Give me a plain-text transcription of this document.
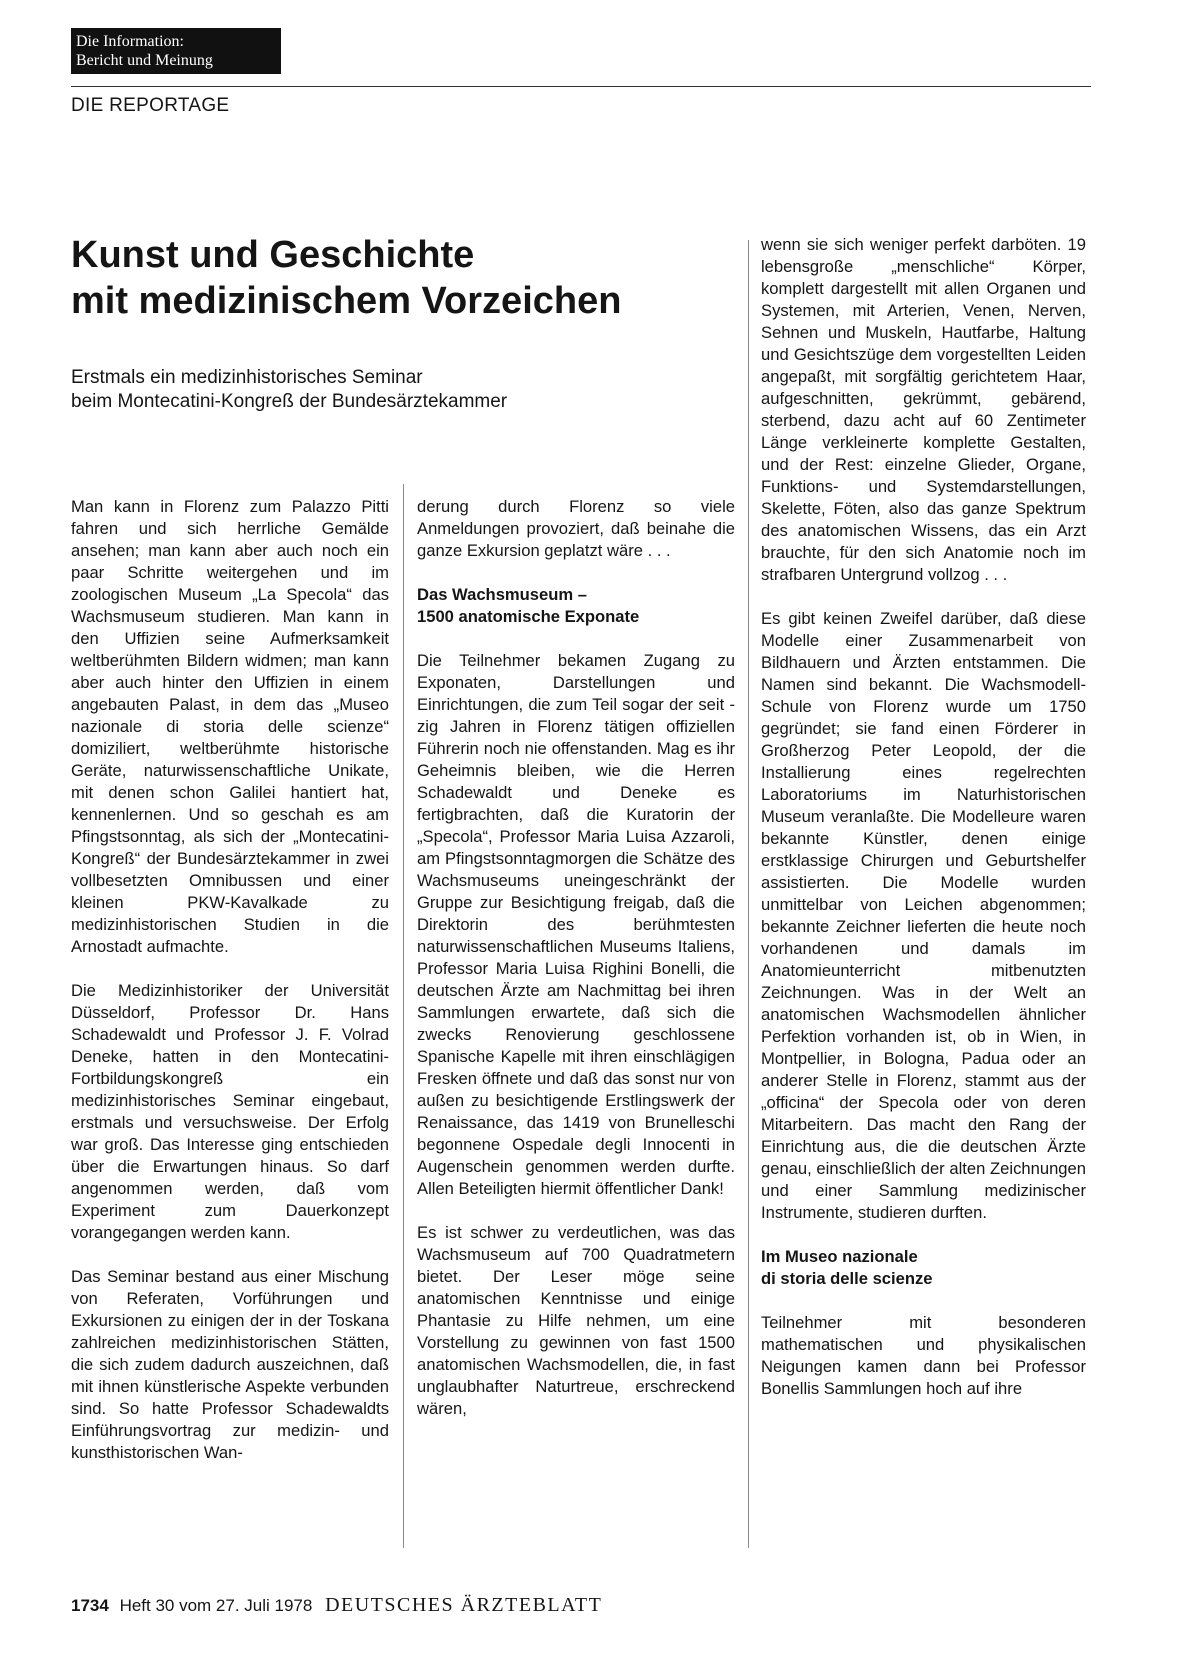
Die Information:
Bericht und Meinung
DIE REPORTAGE
Kunst und Geschichte
mit medizinischem Vorzeichen
Erstmals ein medizinhistorisches Seminar
beim Montecatini-Kongreß der Bundesärztekammer

Man kann in Florenz zum Palazzo Pitti fahren und sich herrliche Gemälde ansehen; man kann aber auch noch ein paar Schritte weitergehen und im zoologischen Museum „La Specola“ das Wachsmuseum studieren. Man kann in den Uffizien seine Aufmerksamkeit weltberühmten Bildern widmen; man kann aber auch hinter den Uffizien in einem angebauten Palast, in dem das „Museo nazionale di storia delle scienze“ domiziliert, weltberühmte historische Geräte, naturwissenschaftliche Unikate, mit denen schon Galilei hantiert hat, kennenlernen. Und so geschah es am Pfingstsonntag, als sich der „Montecatini-Kongreß“ der Bundesärztekammer in zwei vollbesetzten Omnibussen und einer kleinen PKW-Kavalkade zu medizinhistorischen Studien in die Arnostadt aufmachte.

Die Medizinhistoriker der Universität Düsseldorf, Professor Dr. Hans Schadewaldt und Professor J. F. Volrad Deneke, hatten in den Montecatini-Fortbildungskongreß ein medizinhistorisches Seminar eingebaut, erstmals und versuchsweise. Der Erfolg war groß. Das Interesse ging entschieden über die Erwartungen hinaus. So darf angenommen werden, daß vom Experiment zum Dauerkonzept vorangegangen werden kann.

Das Seminar bestand aus einer Mischung von Referaten, Vorführungen und Exkursionen zu einigen der in der Toskana zahlreichen medizinhistorischen Stätten, die sich zudem dadurch auszeichnen, daß mit ihnen künstlerische Aspekte verbunden sind. So hatte Professor Schadewaldts Einführungsvortrag zur medizin- und kunsthistorischen Wan-

derung durch Florenz so viele Anmeldungen provoziert, daß beinahe die ganze Exkursion geplatzt wäre . . .

Das Wachsmuseum –
1500 anatomische Exponate

Die Teilnehmer bekamen Zugang zu Exponaten, Darstellungen und Einrichtungen, die zum Teil sogar der seit -zig Jahren in Florenz tätigen offiziellen Führerin noch nie offenstanden. Mag es ihr Geheimnis bleiben, wie die Herren Schadewaldt und Deneke es fertigbrachten, daß die Kuratorin der „Specola“, Professor Maria Luisa Azzaroli, am Pfingstsonntagmorgen die Schätze des Wachsmuseums uneingeschränkt der Gruppe zur Besichtigung freigab, daß die Direktorin des berühmtesten naturwissenschaftlichen Museums Italiens, Professor Maria Luisa Righini Bonelli, die deutschen Ärzte am Nachmittag bei ihren Sammlungen erwartete, daß sich die zwecks Renovierung geschlossene Spanische Kapelle mit ihren einschlägigen Fresken öffnete und daß das sonst nur von außen zu besichtigende Erstlingswerk der Renaissance, das 1419 von Brunelleschi begonnene Ospedale degli Innocenti in Augenschein genommen werden durfte. Allen Beteiligten hiermit öffentlicher Dank!

Es ist schwer zu verdeutlichen, was das Wachsmuseum auf 700 Quadratmetern bietet. Der Leser möge seine anatomischen Kenntnisse und einige Phantasie zu Hilfe nehmen, um eine Vorstellung zu gewinnen von fast 1500 anatomischen Wachsmodellen, die, in fast unglaubhafter Naturtreue, erschreckend wären,

wenn sie sich weniger perfekt darböten. 19 lebensgroße „menschliche“ Körper, komplett dargestellt mit allen Organen und Systemen, mit Arterien, Venen, Nerven, Sehnen und Muskeln, Hautfarbe, Haltung und Gesichtszüge dem vorgestellten Leiden angepaßt, mit sorgfältig gerichtetem Haar, aufgeschnitten, gekrümmt, gebärend, sterbend, dazu acht auf 60 Zentimeter Länge verkleinerte komplette Gestalten, und der Rest: einzelne Glieder, Organe, Funktions- und Systemdarstellungen, Skelette, Föten, also das ganze Spektrum des anatomischen Wissens, das ein Arzt brauchte, für den sich Anatomie noch im strafbaren Untergrund vollzog . . .

Es gibt keinen Zweifel darüber, daß diese Modelle einer Zusammenarbeit von Bildhauern und Ärzten entstammen. Die Namen sind bekannt. Die Wachsmodell-Schule von Florenz wurde um 1750 gegründet; sie fand einen Förderer in Großherzog Peter Leopold, der die Installierung eines regelrechten Laboratoriums im Naturhistorischen Museum veranlaßte. Die Modelleure waren bekannte Künstler, denen einige erstklassige Chirurgen und Geburtshelfer assistierten. Die Modelle wurden unmittelbar von Leichen abgenommen; bekannte Zeichner lieferten die heute noch vorhandenen und damals im Anatomieunterricht mitbenutzten Zeichnungen. Was in der Welt an anatomischen Wachsmodellen ähnlicher Perfektion vorhanden ist, ob in Wien, in Montpellier, in Bologna, Padua oder an anderer Stelle in Florenz, stammt aus der „officina“ der Specola oder von deren Mitarbeitern. Das macht den Rang der Einrichtung aus, die die deutschen Ärzte genau, einschließlich der alten Zeichnungen und einer Sammlung medizinischer Instrumente, studieren durften.

Im Museo nazionale
di storia delle scienze

Teilnehmer mit besonderen mathematischen und physikalischen Neigungen kamen dann bei Professor Bonellis Sammlungen hoch auf ihre

1734 Heft 30 vom 27. Juli 1978 DEUTSCHES ÄRZTEBLATT
